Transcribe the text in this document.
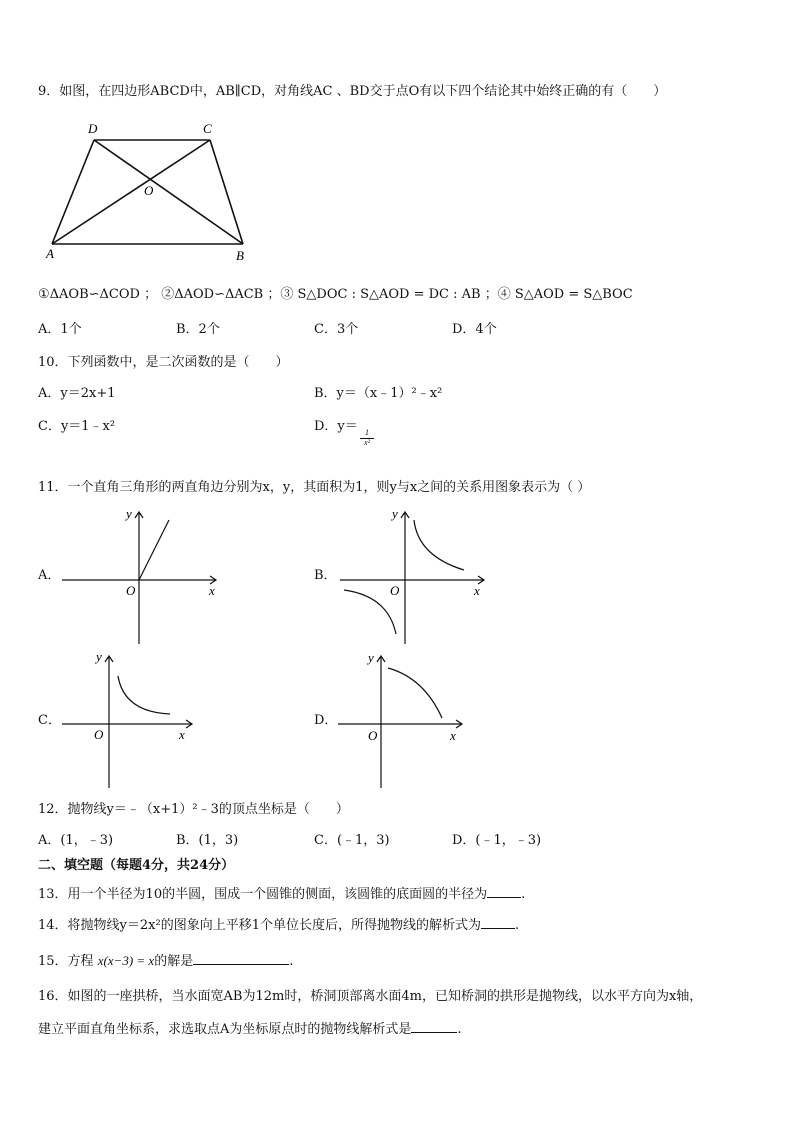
9．如图，在四边形ABCD中，AB∥CD，对角线AC 、BD交于点O有以下四个结论其中始终正确的有（　　）
A	B
C
D
O
①ΔAOB∽ΔCOD ； ②ΔAOD∽ΔACB ；③ S△DOC : S△AOD = DC : AB ；④ S△AOD = S△BOC
A．1个	B．2个	C．3个	D．4个
10．下列函数中，是二次函数的是（　　）
A．y＝2x+1	B．y＝（x﹣1）²﹣x²
C．y＝1﹣x²	D．y＝ 1
x²
11．一个直角三角形的两直角边分别为x，y，其面积为1，则y与x之间的关系用图象表示为（ ）
A．
y
O	x
B．
y
O	x
C．
y
O	x
D．
y
O	x
12．抛物线y＝﹣（x+1）²﹣3的顶点坐标是（　　）
A．(1，﹣3)	B．(1，3)	C．(﹣1，3)	D．(﹣1，﹣3)
二、填空题（每题4分，共24分）
13．用一个半径为10的半圆，围成一个圆锥的侧面，该圆锥的底面圆的半径为	.
14．将抛物线y＝2x²的图象向上平移1个单位长度后，所得抛物线的解析式为	.
15．方程 x(x−3) = x的解是	.
16．如图的一座拱桥，当水面宽AB为12m时，桥洞顶部离水面4m，已知桥洞的拱形是抛物线，以水平方向为x轴，
建立平面直角坐标系，求选取点A为坐标原点时的抛物线解析式是	.
